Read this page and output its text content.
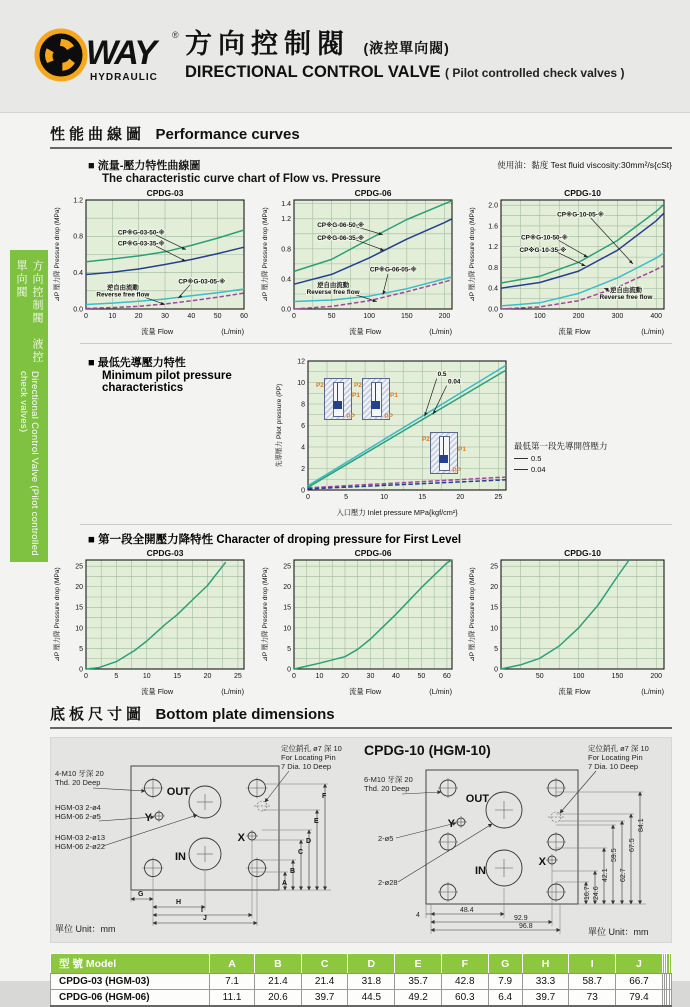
WAY ®
HYDRAULIC
方向控制閥 (液控單向閥)
DIRECTIONAL CONTROL VALVE ( Pilot controlled check valves )
方向控制閥　液控單向閥
Directional Control Valve (Pilot controlled check valves)
性能曲線圖 Performance curves
■ 流量-壓力特性曲線圖
The characteristic curve chart of Flow vs. Pressure
使用油：黏度 Test fluid viscosity:30mm²/s{cSt}
0	10	20	30	40	50	60
0.0
0.4
0.8
1.2
CPDG-03
⊿P 壓力降 Pressure drop (MPa)
流量 Flow	(L/min)
CP※G-03-50-※
CP※G-03-35-※
CP※G-03-05-※
逆自由流動 Reverse free flow
0	50	100	150	200
0.0
0.4
0.8
1.2
1.4
CPDG-06
⊿P 壓力降 Pressure drop (MPa)
流量 Flow	(L/min)
CP※G-06-50-※
CP※G-06-35-※
CP※G-06-05-※
逆自由流動 Reverse free flow
0	100	200	300	400
0.0
0.4
0.8
1.2
1.6
2.0
CPDG-10
⊿P 壓力降 Pressure drop (MPa)
流量 Flow	(L/min)
CP※G-10-05-※
CP※G-10-50-※
CP※G-10-35-※
逆自由流動 Reverse free flow
■ 最低先導壓力特性
Minimum pilot pressure
characteristics
0	5	10	15	20	25
0
2
4
6
8
10
12
先導壓力 Pilot pressure (PP)
入口壓力 Inlet pressure MPa{kgf/cm²}
0.5
0.04
P2
P1
PP
P2
P1
PP
P2
P1
PP
最低第一段先導開啓壓力
0.5
0.04
■ 第一段全開壓力降特性 Character of droping pressure for First Level
0	5	10	15	20	25
0
5
10
15
20
25
CPDG-03
⊿P 壓力降 Pressure drop (MPa)
流量 Flow	(L/min)
0	10	20	30	40	50	60
0
5
10
15
20
25
CPDG-06
⊿P 壓力降 Pressure drop (MPa)
流量 Flow	(L/min)
0	50	100	150	200
0
5
10
15
20
25
CPDG-10
⊿P 壓力降 Pressure drop (MPa)
流量 Flow	(L/min)
底板尺寸圖 Bottom plate dimensions
OUT
Y
IN
X
4-M10 牙深 20
Thd. 20 Deep
HGM-03 2-ø4
HGM-06 2-ø5
HGM-03 2-ø13
HGM-06 2-ø22
定位銷孔 ø7 深 10
For Locating Pin
7 Dia. 10 Deep
A
B
C
D
E
F
G
H
I
J
單位 Unit：mm
CPDG-10 (HGM-10)
OUT
Y
IN
X
6-M10 牙深 20
Thd. 20 Deep
2-ø5
2-ø28
定位銷孔 ø7 深 10
For Locating Pin
7 Dia. 10 Deep
16.7 24.6
42.1
59.5
62.7
67.5
84.1
4
48.4
92.9
96.8
單位 Unit：mm
型 號 Model	A	B	C	D	E	F	G	H	I	J				
CPDG-03 (HGM-03)	7.1	21.4	21.4	31.8	35.7	42.8	7.9	33.3	58.7	66.7				
CPDG-06 (HGM-06)	11.1	20.6	39.7	44.5	49.2	60.3	6.4	39.7	73	79.4				
